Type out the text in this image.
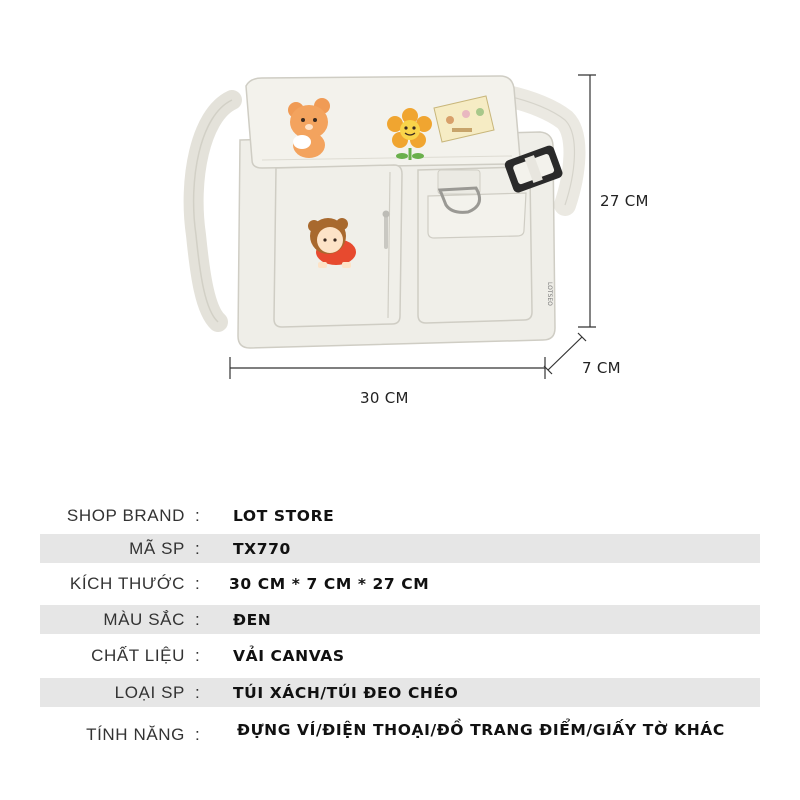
LOTSEO
27 CM
7 CM
30 CM
SHOP BRAND : LOT STORE
MÃ SP : TX770
KÍCH THƯỚC : 30 CM * 7 CM * 27 CM
MÀU SẮC : ĐEN
CHẤT LIỆU : VẢI CANVAS
LOẠI SP : TÚI XÁCH/TÚI ĐEO CHÉO
TÍNH NĂNG : ĐỰNG VÍ/ĐIỆN THOẠI/ĐỒ TRANG ĐIỂM/GIẤY TỜ KHÁC
